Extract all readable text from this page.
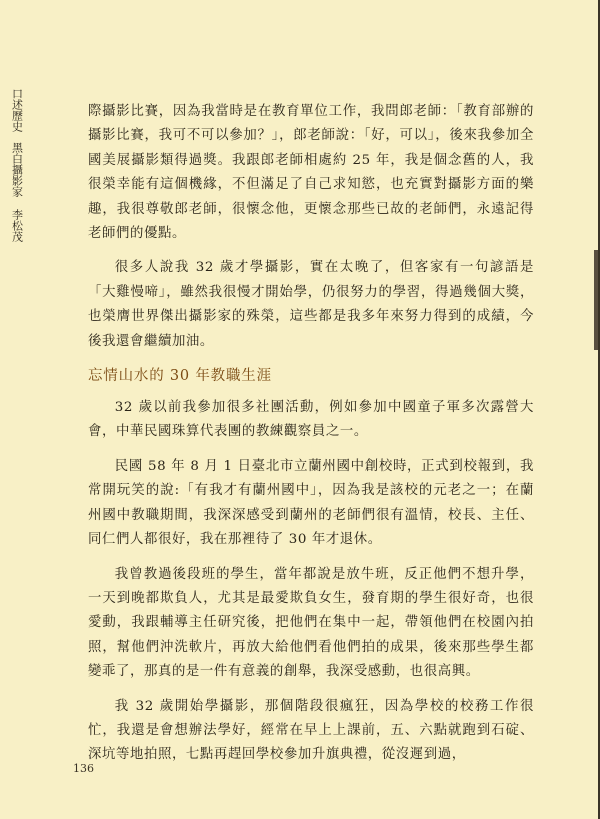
口述歷史
黑白攝影家
李松茂

際攝影比賽，因為我當時是在教育單位工作，我問郎老師：「教育部辦的攝影比賽，我可不可以參加？」，郎老師說：「好，可以」，後來我參加全國美展攝影類得過獎。我跟郎老師相處約 25 年，我是個念舊的人，我很榮幸能有這個機緣，不但滿足了自己求知慾，也充實對攝影方面的樂趣，我很尊敬郎老師，很懷念他，更懷念那些已故的老師們，永遠記得老師們的優點。

很多人說我 32 歲才學攝影，實在太晚了，但客家有一句諺語是「大雞慢啼」，雖然我很慢才開始學，仍很努力的學習，得過幾個大獎，也榮膺世界傑出攝影家的殊榮，這些都是我多年來努力得到的成績，今後我還會繼續加油。

忘情山水的 30 年教職生涯

32 歲以前我參加很多社團活動，例如參加中國童子軍多次露營大會，中華民國珠算代表團的教練觀察員之一。

民國 58 年 8 月 1 日臺北市立蘭州國中創校時，正式到校報到，我常開玩笑的說:「有我才有蘭州國中」，因為我是該校的元老之一；在蘭州國中教職期間，我深深感受到蘭州的老師們很有溫情，校長、主任、同仁們人都很好，我在那裡待了 30 年才退休。

我曾教過後段班的學生，當年都說是放牛班，反正他們不想升學，一天到晚都欺負人，尤其是最愛欺負女生，發育期的學生很好奇，也很愛動，我跟輔導主任研究後，把他們在集中一起，帶領他們在校園內拍照，幫他們沖洗軟片，再放大給他們看他們拍的成果，後來那些學生都變乖了，那真的是一件有意義的創舉，我深受感動，也很高興。

我 32 歲開始學攝影，那個階段很瘋狂，因為學校的校務工作很忙，我還是會想辦法學好，經常在早上上課前，五、六點就跑到石碇、深坑等地拍照，七點再趕回學校參加升旗典禮，從沒遲到過，

136
